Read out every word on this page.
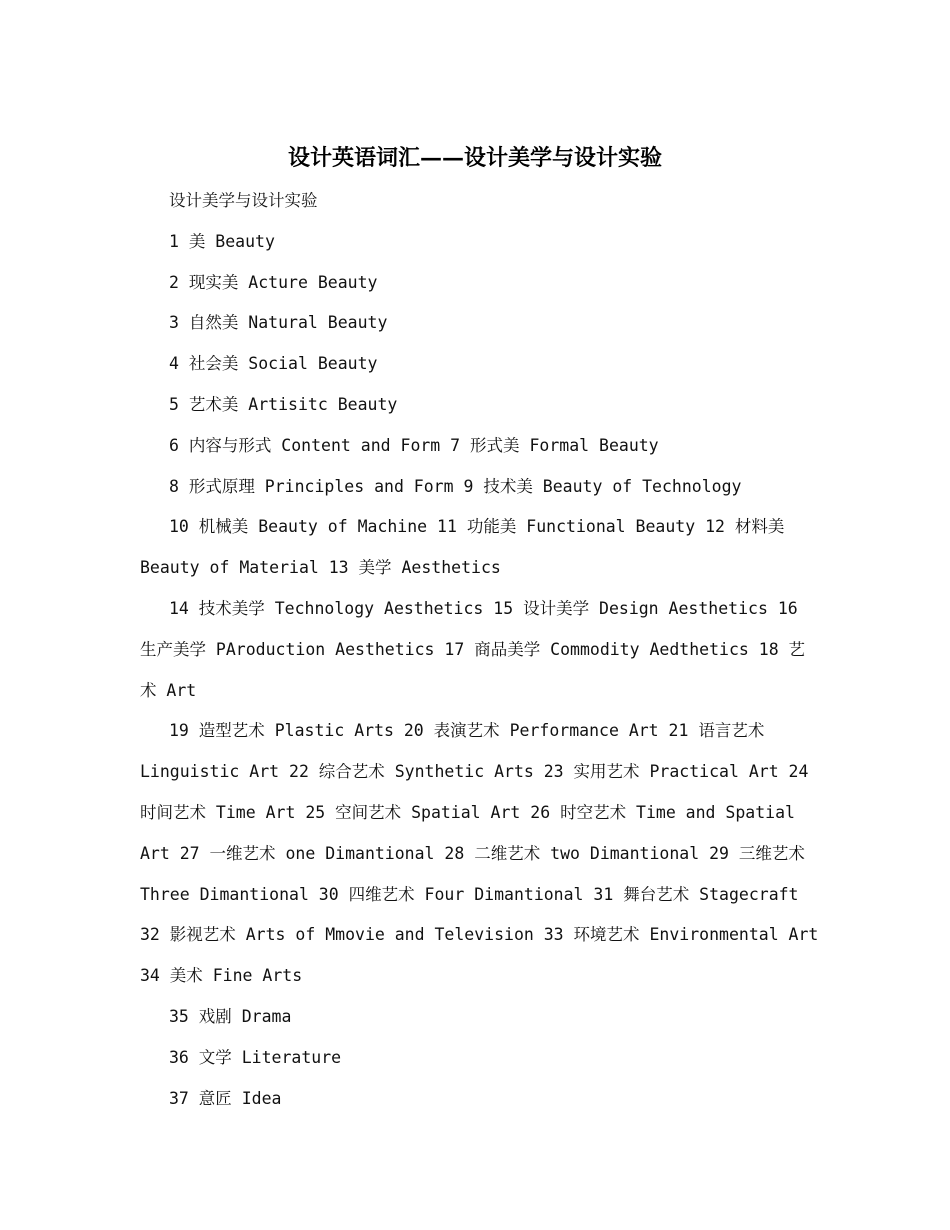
设计英语词汇——设计美学与设计实验

设计美学与设计实验

1 美 Beauty

2 现实美 Acture Beauty

3 自然美 Natural Beauty

4 社会美 Social Beauty

5 艺术美 Artisitc Beauty

6 内容与形式 Content and Form 7 形式美 Formal Beauty

8 形式原理 Principles and Form 9 技术美 Beauty of Technology

10 机械美 Beauty of Machine 11 功能美 Functional Beauty 12 材料美 Beauty of Material 13 美学 Aesthetics

14 技术美学 Technology Aesthetics 15 设计美学 Design Aesthetics 16 生产美学 PAroduction Aesthetics 17 商品美学 Commodity Aedthetics 18 艺术 Art

19 造型艺术 Plastic Arts 20 表演艺术 Performance Art 21 语言艺术 Linguistic Art 22 综合艺术 Synthetic Arts 23 实用艺术 Practical Art 24 时间艺术 Time Art 25 空间艺术 Spatial Art 26 时空艺术 Time and Spatial Art 27 一维艺术 one Dimantional 28 二维艺术 two Dimantional 29 三维艺术 Three Dimantional 30 四维艺术 Four Dimantional 31 舞台艺术 Stagecraft 32 影视艺术 Arts of Mmovie and Television 33 环境艺术 Environmental Art 34 美术 Fine Arts

35 戏剧 Drama

36 文学 Literature

37 意匠 Idea
